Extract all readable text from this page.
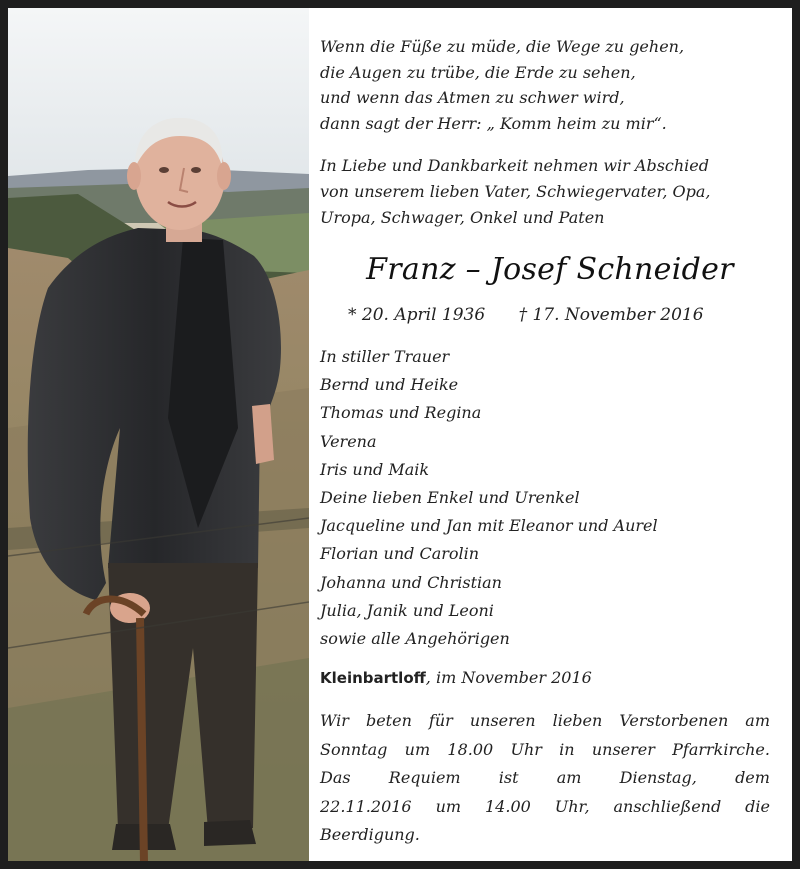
Wenn die Füße zu müde, die Wege zu gehen,
die Augen zu trübe, die Erde zu sehen,
und wenn das Atmen zu schwer wird,
dann sagt der Herr: „ Komm heim zu mir“.
In Liebe und Dankbarkeit nehmen wir Abschied
von unserem lieben Vater, Schwiegervater, Opa,
Uropa, Schwager, Onkel und Paten
Franz – Josef Schneider
* 20. April 1936 † 17. November 2016
In stiller Trauer
Bernd und Heike
Thomas und Regina
Verena
Iris und Maik
Deine lieben Enkel und Urenkel
Jacqueline und Jan mit Eleanor und Aurel
Florian und Carolin
Johanna und Christian
Julia, Janik und Leoni
sowie alle Angehörigen
Kleinbartloff, im November 2016
Wir beten für unseren lieben Verstorbenen am
Sonntag um 18.00 Uhr in unserer Pfarrkirche.
Das Requiem ist am Dienstag, dem
22.11.2016 um 14.00 Uhr, anschließend die
Beerdigung.
